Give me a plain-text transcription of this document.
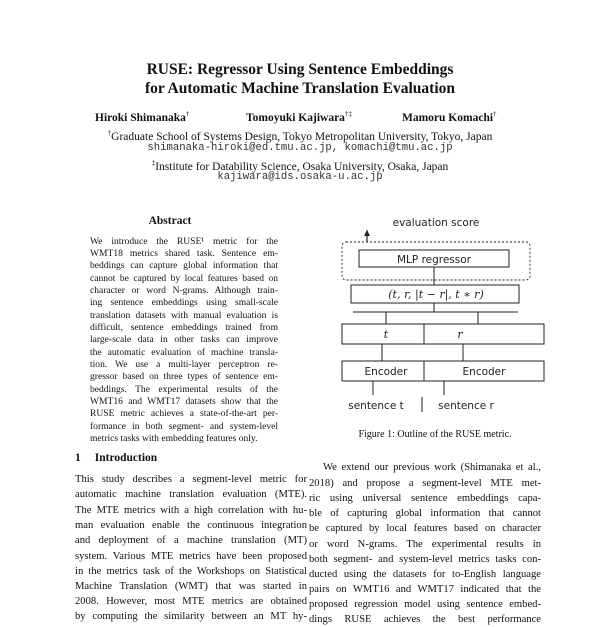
RUSE: Regressor Using Sentence Embeddings
for Automatic Machine Translation Evaluation
Hiroki Shimanaka†	Tomoyuki Kajiwara†‡	Mamoru Komachi†
†Graduate School of Systems Design, Tokyo Metropolitan University, Tokyo, Japan
shimanaka-hiroki@ed.tmu.ac.jp, komachi@tmu.ac.jp
‡Institute for Datability Science, Osaka University, Osaka, Japan
kajiwara@ids.osaka-u.ac.jp
Abstract
We introduce the RUSE¹ metric for the
WMT18 metrics shared task. Sentence em-
beddings can capture global information that
cannot be captured by local features based on
character or word N-grams. Although train-
ing sentence embeddings using small-scale
translation datasets with manual evaluation is
difficult, sentence embeddings trained from
large-scale data in other tasks can improve
the automatic evaluation of machine transla-
tion. We use a multi-layer perceptron re-
gressor based on three types of sentence em-
beddings. The experimental results of the
WMT16 and WMT17 datasets show that the
RUSE metric achieves a state-of-the-art per-
formance in both segment- and system-level
metrics tasks with embedding features only.
evaluation score
MLP regressor
(t, r, |t − r|, t ∗ r)
t	r
Encoder	Encoder
sentence t	sentence r
Figure 1: Outline of the RUSE metric.
1 Introduction
This study describes a segment-level metric for
automatic machine translation evaluation (MTE).
The MTE metrics with a high correlation with hu-
man evaluation enable the continuous integration
and deployment of a machine translation (MT)
system. Various MTE metrics have been proposed
in the metrics task of the Workshops on Statistical
Machine Translation (WMT) that was started in
2008. However, most MTE metrics are obtained
by computing the similarity between an MT hy-
We extend our previous work (Shimanaka et al.,
2018) and propose a segment-level MTE met-
ric using universal sentence embeddings capa-
ble of capturing global information that cannot
be captured by local features based on character
or word N-grams. The experimental results in
both segment- and system-level metrics tasks con-
ducted using the datasets for to-English language
pairs on WMT16 and WMT17 indicated that the
proposed regression model using sentence embed-
dings RUSE achieves the best performance
